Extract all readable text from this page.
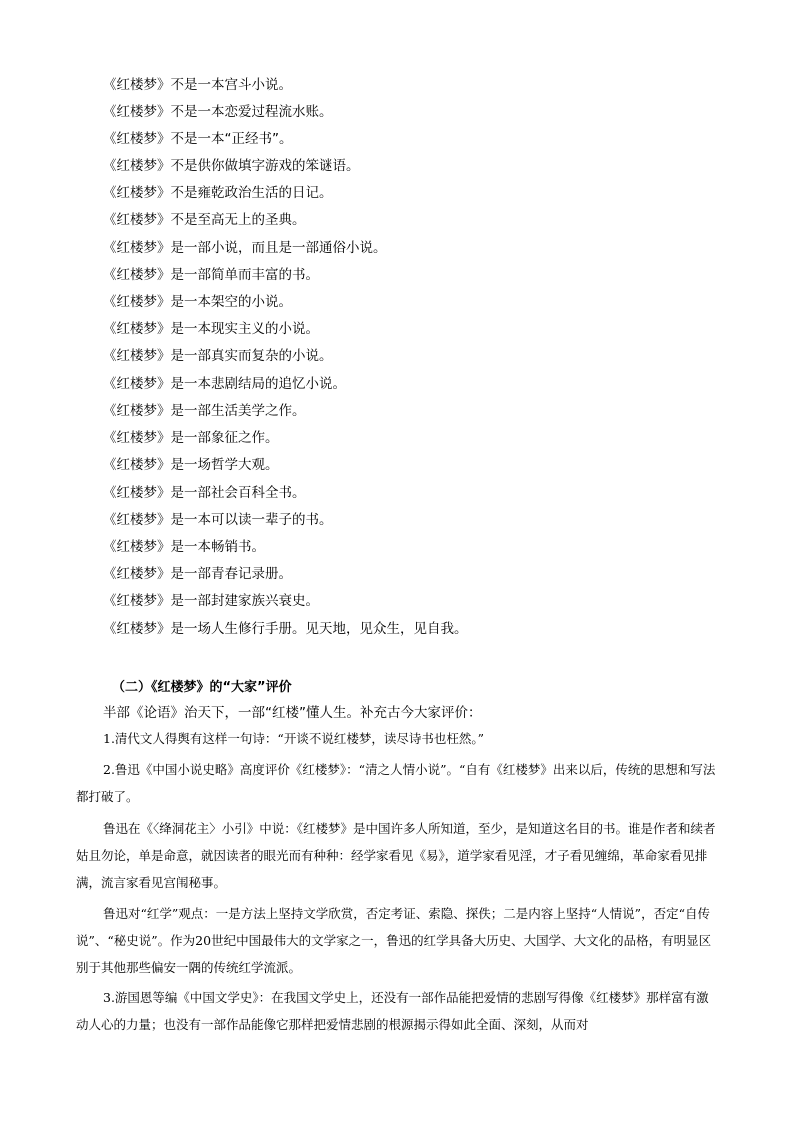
《红楼梦》不是一本宫斗小说。
《红楼梦》不是一本恋爱过程流水账。
《红楼梦》不是一本“正经书”。
《红楼梦》不是供你做填字游戏的笨谜语。
《红楼梦》不是雍乾政治生活的日记。
《红楼梦》不是至高无上的圣典。
《红楼梦》是一部小说，而且是一部通俗小说。
《红楼梦》是一部简单而丰富的书。
《红楼梦》是一本架空的小说。
《红楼梦》是一本现实主义的小说。
《红楼梦》是一部真实而复杂的小说。
《红楼梦》是一本悲剧结局的追忆小说。
《红楼梦》是一部生活美学之作。
《红楼梦》是一部象征之作。
《红楼梦》是一场哲学大观。
《红楼梦》是一部社会百科全书。
《红楼梦》是一本可以读一辈子的书。
《红楼梦》是一本畅销书。
《红楼梦》是一部青春记录册。
《红楼梦》是一部封建家族兴衰史。
《红楼梦》是一场人生修行手册。见天地，见众生，见自我。
（二）《红楼梦》的“大家”评价
半部《论语》治天下，一部“红楼”懂人生。补充古今大家评价：
1.清代文人得舆有这样一句诗：“开谈不说红楼梦，读尽诗书也枉然。”
2.鲁迅《中国小说史略》高度评价《红楼梦》：“清之人情小说”。“自有《红楼梦》出来以后，传统的思想和写法都打破了。
鲁迅在《〈绛洞花主〉小引》中说：《红楼梦》是中国许多人所知道，至少，是知道这名目的书。谁是作者和续者姑且勿论，单是命意，就因读者的眼光而有种种：经学家看见《易》，道学家看见淫，才子看见缠绵，革命家看见排满，流言家看见宫闱秘事。
鲁迅对“红学”观点：一是方法上坚持文学欣赏，否定考证、索隐、探佚；二是内容上坚持“人情说”，否定“自传说”、“秘史说”。作为20世纪中国最伟大的文学家之一，鲁迅的红学具备大历史、大国学、大文化的品格，有明显区别于其他那些偏安一隅的传统红学流派。
3.游国恩等编《中国文学史》：在我国文学史上，还没有一部作品能把爱情的悲剧写得像《红楼梦》那样富有激动人心的力量；也没有一部作品能像它那样把爱情悲剧的根源揭示得如此全面、深刻，从而对
